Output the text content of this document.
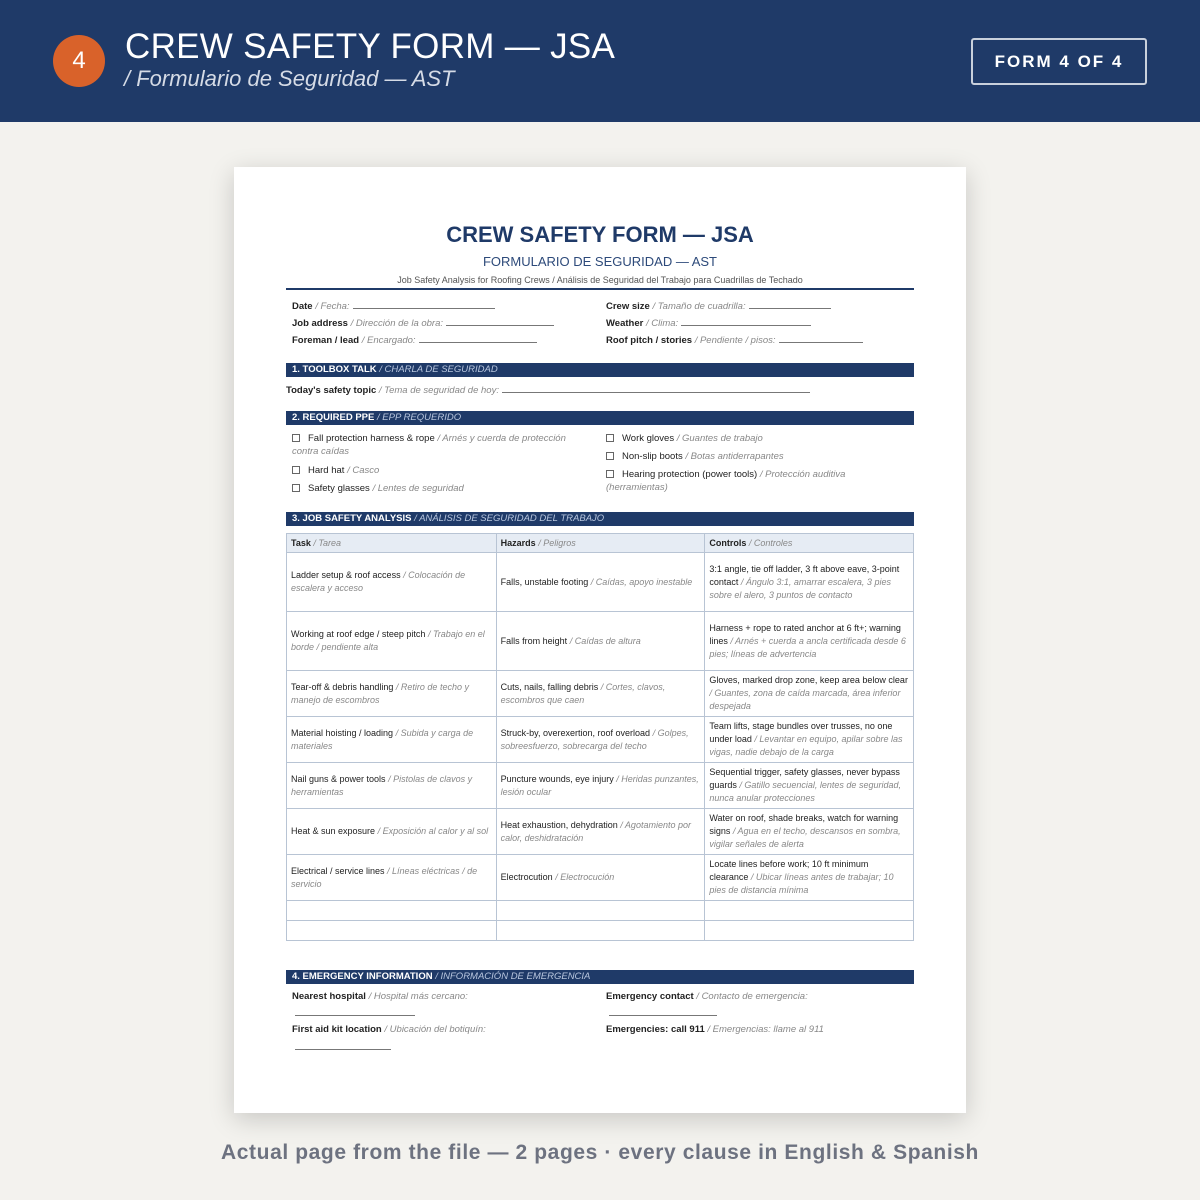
4	CREW SAFETY FORM — JSA
/ Formulario de Seguridad — AST
FORM 4 OF 4
CREW SAFETY FORM — JSA
FORMULARIO DE SEGURIDAD — AST
Job Safety Analysis for Roofing Crews / Análisis de Seguridad del Trabajo para Cuadrillas de Techado
Date / Fecha:
Job address / Dirección de la obra:
Foreman / lead / Encargado:
Crew size / Tamaño de cuadrilla:
Weather / Clima:
Roof pitch / stories / Pendiente / pisos:
1. TOOLBOX TALK / CHARLA DE SEGURIDAD
Today's safety topic / Tema de seguridad de hoy:
2. REQUIRED PPE / EPP REQUERIDO
Fall protection harness & rope / Arnés y cuerda de protección contra caídas
Hard hat / Casco
Safety glasses / Lentes de seguridad
Work gloves / Guantes de trabajo
Non-slip boots / Botas antiderrapantes
Hearing protection (power tools) / Protección auditiva (herramientas)
3. JOB SAFETY ANALYSIS / ANÁLISIS DE SEGURIDAD DEL TRABAJO
Task / Tarea	Hazards / Peligros	Controls / Controles
Ladder setup & roof access / Colocación de escalera y acceso	Falls, unstable footing / Caídas, apoyo inestable	3:1 angle, tie off ladder, 3 ft above eave, 3-point contact / Ángulo 3:1, amarrar escalera, 3 pies sobre el alero, 3 puntos de contacto
Working at roof edge / steep pitch / Trabajo en el borde / pendiente alta	Falls from height / Caídas de altura	Harness + rope to rated anchor at 6 ft+; warning lines / Arnés + cuerda a ancla certificada desde 6 pies; líneas de advertencia
Tear-off & debris handling / Retiro de techo y manejo de escombros	Cuts, nails, falling debris / Cortes, clavos, escombros que caen	Gloves, marked drop zone, keep area below clear / Guantes, zona de caída marcada, área inferior despejada
Material hoisting / loading / Subida y carga de materiales	Struck-by, overexertion, roof overload / Golpes, sobreesfuerzo, sobrecarga del techo	Team lifts, stage bundles over trusses, no one under load / Levantar en equipo, apilar sobre las vigas, nadie debajo de la carga
Nail guns & power tools / Pistolas de clavos y herramientas	Puncture wounds, eye injury / Heridas punzantes, lesión ocular	Sequential trigger, safety glasses, never bypass guards / Gatillo secuencial, lentes de seguridad, nunca anular protecciones
Heat & sun exposure / Exposición al calor y al sol	Heat exhaustion, dehydration / Agotamiento por calor, deshidratación	Water on roof, shade breaks, watch for warning signs / Agua en el techo, descansos en sombra, vigilar señales de alerta
Electrical / service lines / Líneas eléctricas / de servicio	Electrocution / Electrocución	Locate lines before work; 10 ft minimum clearance / Ubicar líneas antes de trabajar; 10 pies de distancia mínima

4. EMERGENCY INFORMATION / INFORMACIÓN DE EMERGENCIA
Nearest hospital / Hospital más cercano:	Emergency contact / Contacto de emergencia:
First aid kit location / Ubicación del botiquín:	Emergencies: call 911 / Emergencias: llame al 911
Actual page from the file — 2 pages · every clause in English & Spanish
